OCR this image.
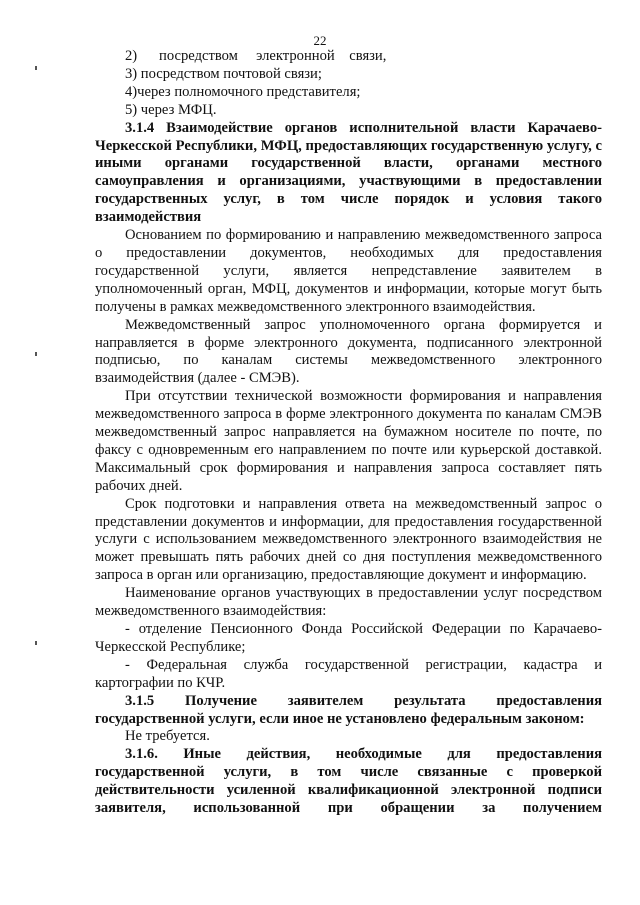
22

2)      посредством     электронной    связи,

3) посредством почтовой связи;

4)через полномочного представителя;

5) через МФЦ.

3.1.4 Взаимодействие органов исполнительной власти Карачаево-Черкесской Республики, МФЦ, предоставляющих государственную услугу, с иными органами государственной власти, органами местного самоуправления и организациями, участвующими в предоставлении государственных услуг, в том числе порядок и условия такого взаимодействия

Основанием по формированию и направлению межведомственного запроса о предоставлении документов, необходимых для предоставления государственной услуги, является непредставление заявителем в уполномоченный орган, МФЦ, документов и информации, которые могут быть получены в рамках межведомственного электронного взаимодействия.

Межведомственный запрос уполномоченного органа формируется и направляется в форме электронного документа, подписанного электронной подписью, по каналам системы межведомственного электронного взаимодействия (далее - СМЭВ).

При отсутствии технической возможности формирования и направления межведомственного запроса в форме электронного документа по каналам СМЭВ межведомственный запрос направляется на бумажном носителе по почте, по факсу с одновременным его направлением по почте или курьерской доставкой. Максимальный срок формирования и направления запроса составляет пять рабочих дней.

Срок подготовки и направления ответа на межведомственный запрос о представлении документов и информации, для предоставления государственной услуги с использованием межведомственного электронного взаимодействия не может превышать пять рабочих дней со дня поступления межведомственного запроса в орган или организацию, предоставляющие документ и информацию.

Наименование органов участвующих в предоставлении услуг посредством межведомственного взаимодействия:

- отделение Пенсионного Фонда Российской Федерации по Карачаево-Черкесской Республике;

- Федеральная служба государственной регистрации, кадастра и картографии по КЧР.

3.1.5 Получение заявителем результата предоставления государственной услуги, если иное не установлено федеральным законом:

Не требуется.

3.1.6. Иные действия, необходимые для предоставления государственной услуги, в том числе связанные с проверкой действительности усиленной квалификационной электронной подписи заявителя, использованной при обращении за получением
